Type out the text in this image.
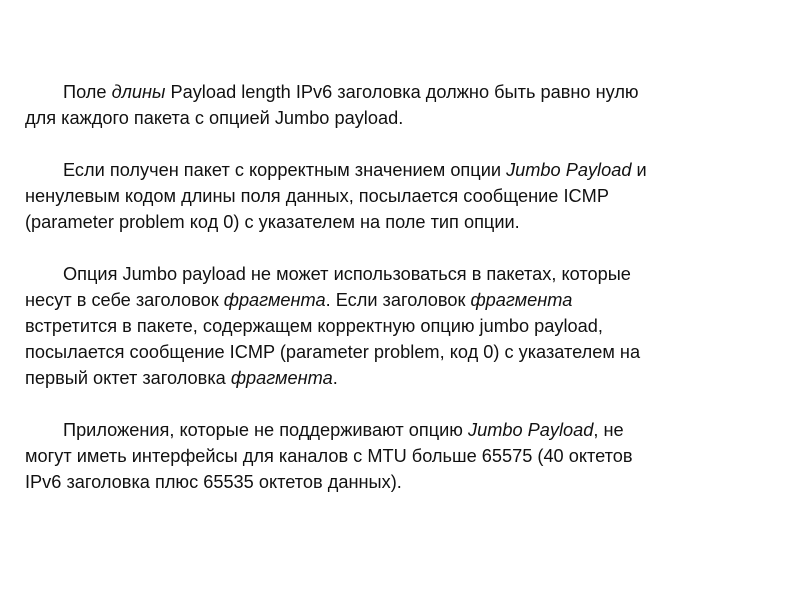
Поле длины Payload length IPv6 заголовка должно быть равно нулю
для каждого пакета с опцией Jumbo payload.
Если получен пакет с корректным значением опции Jumbo Payload и
ненулевым кодом длины поля данных, посылается сообщение ICMP
(parameter problem код 0) с указателем на поле тип опции.
Опция Jumbo payload не может использоваться в пакетах, которые
несут в себе заголовок фрагмента. Если заголовок фрагмента
встретится в пакете, содержащем корректную опцию jumbo payload,
посылается сообщение ICMP (parameter problem, код 0) с указателем на
первый октет заголовка фрагмента.
Приложения, которые не поддерживают опцию Jumbo Payload, не
могут иметь интерфейсы для каналов с MTU больше 65575 (40 октетов
IPv6 заголовка плюс 65535 октетов данных).
